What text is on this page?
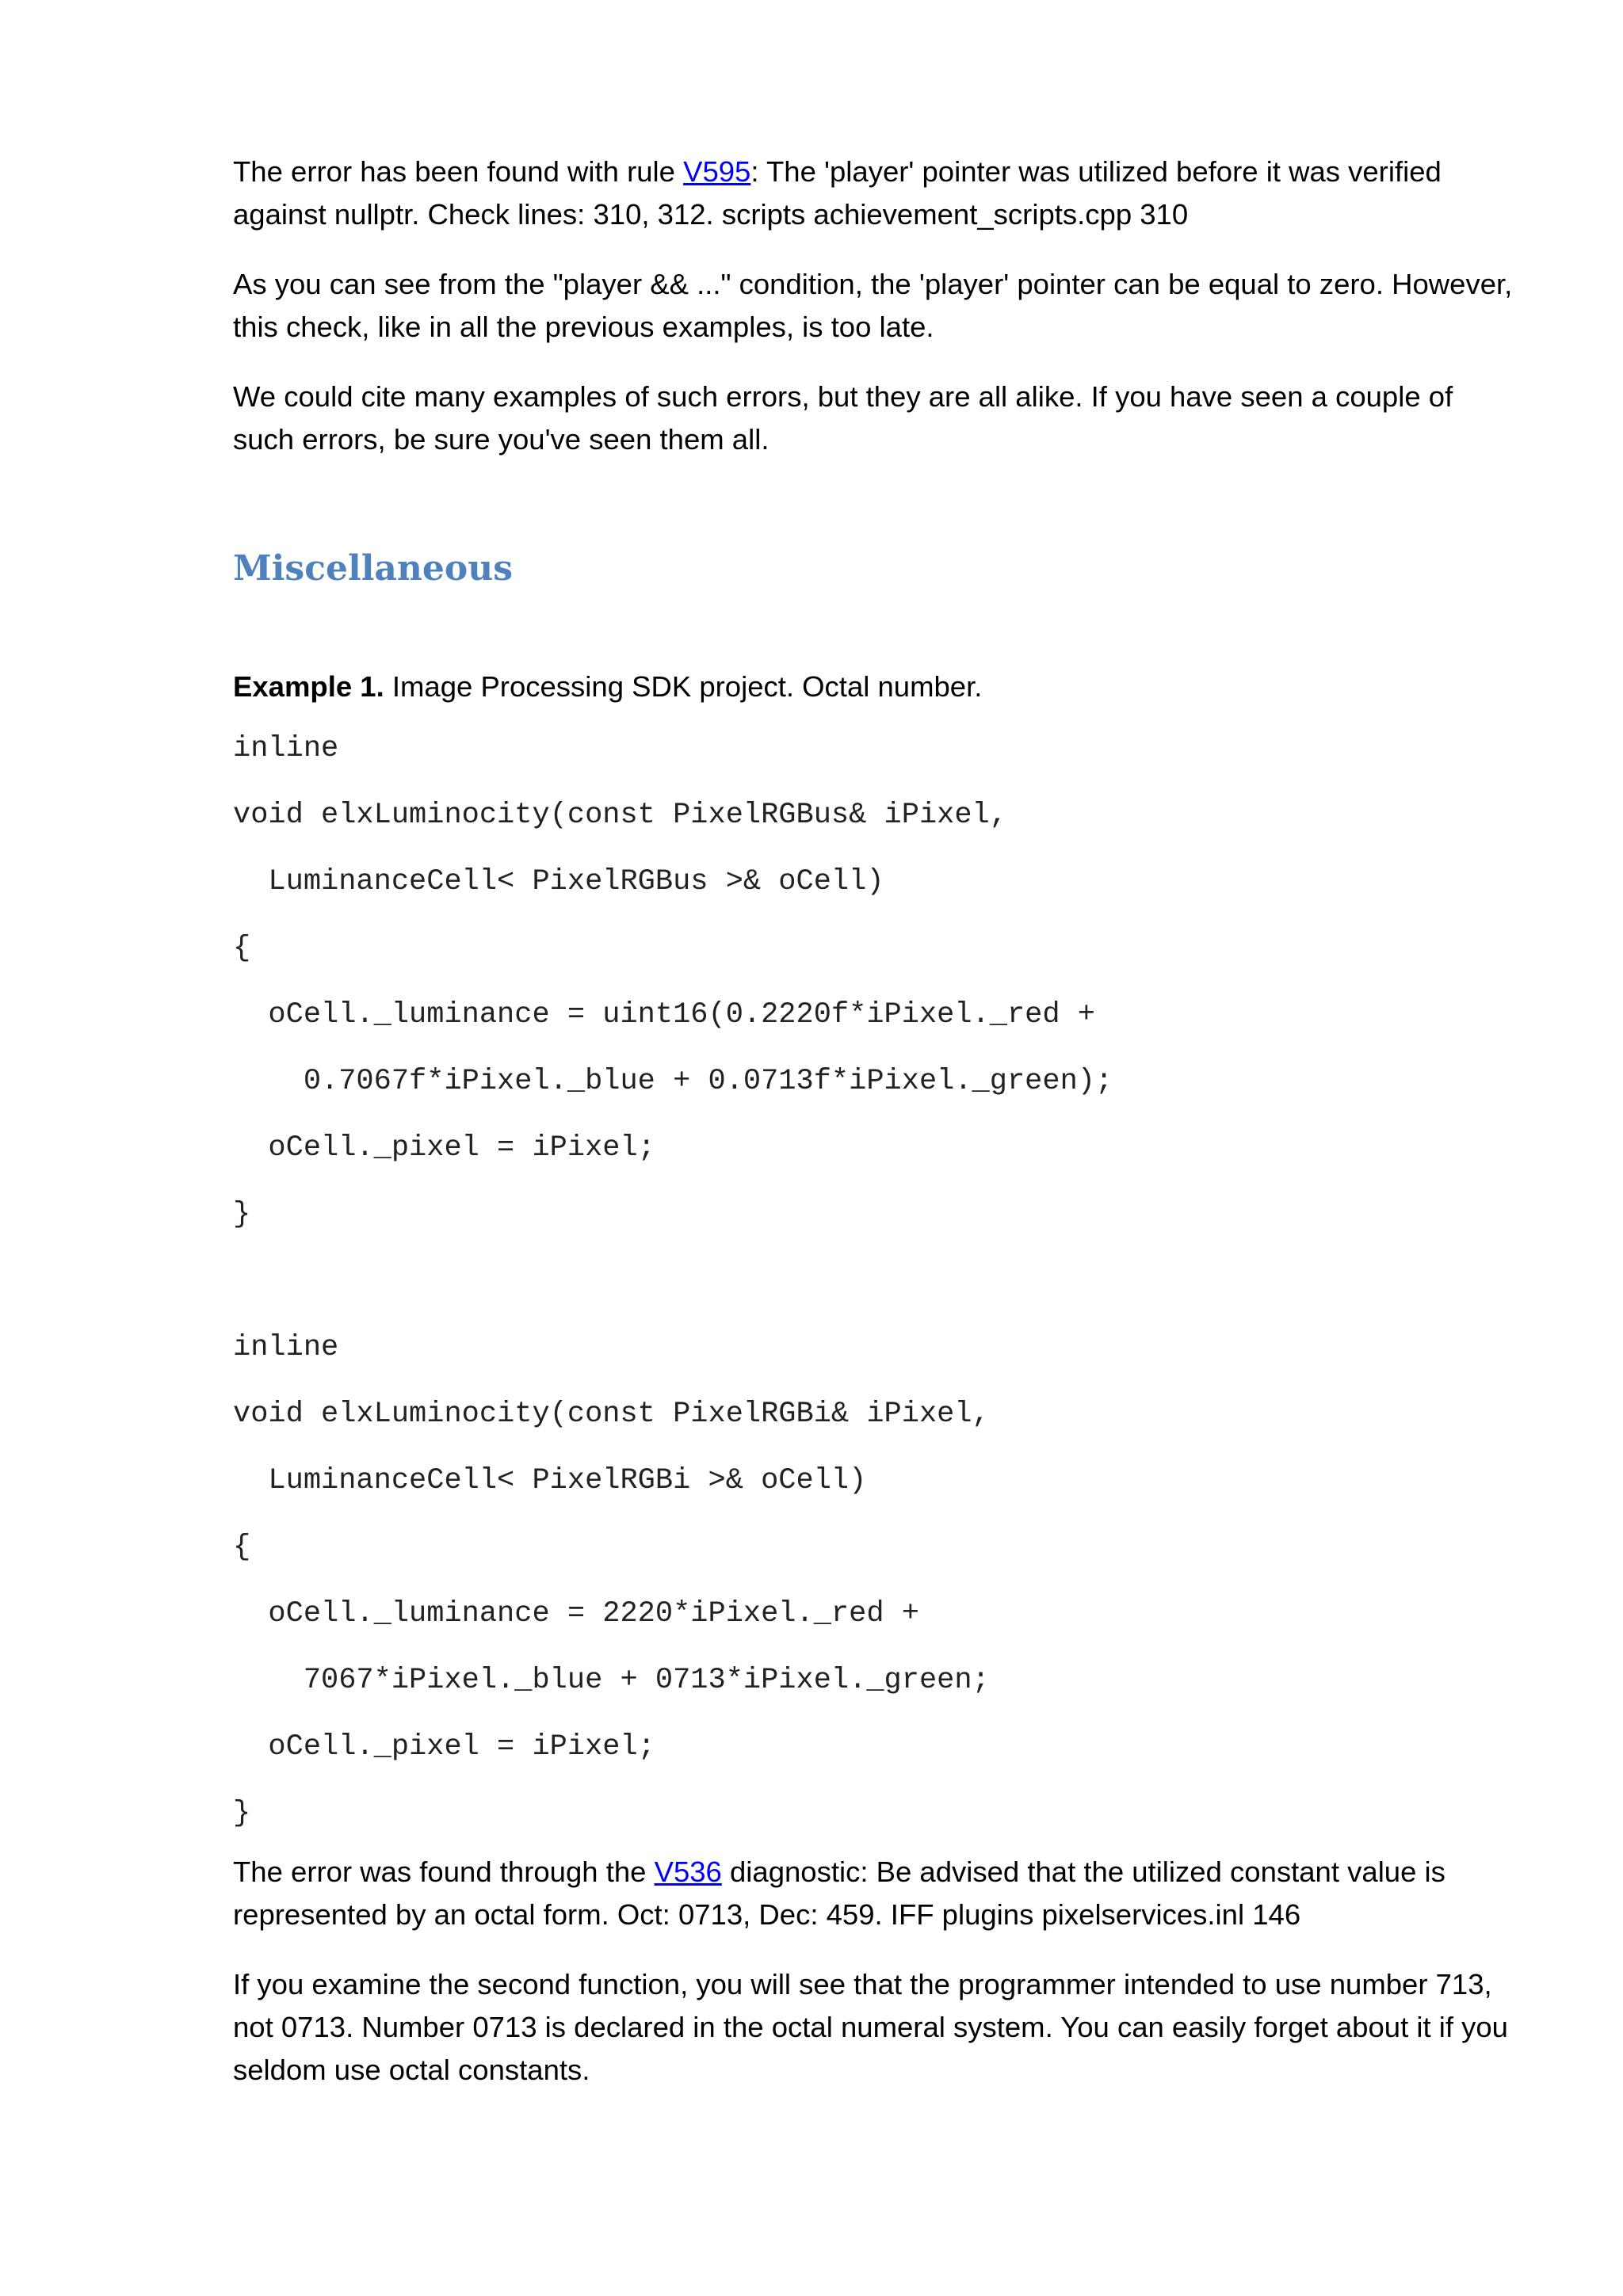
The error has been found with rule V595: The 'player' pointer was utilized before it was verified against nullptr. Check lines: 310, 312. scripts achievement_scripts.cpp 310

As you can see from the "player && ..." condition, the 'player' pointer can be equal to zero. However, this check, like in all the previous examples, is too late.

We could cite many examples of such errors, but they are all alike. If you have seen a couple of such errors, be sure you've seen them all.

Miscellaneous

Example 1. Image Processing SDK project. Octal number.

inline
void elxLuminocity(const PixelRGBus& iPixel,
LuminanceCell< PixelRGBus >& oCell)
{
oCell._luminance = uint16(0.2220f*iPixel._red +
0.7067f*iPixel._blue + 0.0713f*iPixel._green);
oCell._pixel = iPixel;
}
inline
void elxLuminocity(const PixelRGBi& iPixel,
LuminanceCell< PixelRGBi >& oCell)
{
oCell._luminance = 2220*iPixel._red +
7067*iPixel._blue + 0713*iPixel._green;
oCell._pixel = iPixel;
}

The error was found through the V536 diagnostic: Be advised that the utilized constant value is represented by an octal form. Oct: 0713, Dec: 459. IFF plugins pixelservices.inl 146

If you examine the second function, you will see that the programmer intended to use number 713, not 0713. Number 0713 is declared in the octal numeral system. You can easily forget about it if you seldom use octal constants.
